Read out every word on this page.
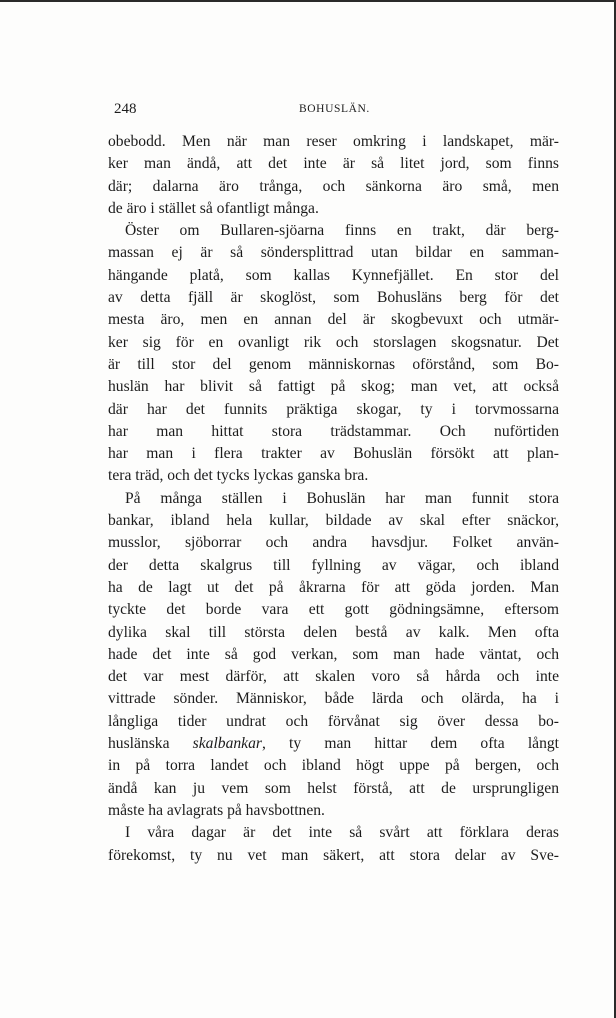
248	BOHUSLÄN.
obebodd. Men när man reser omkring i landskapet, mär-
ker man ändå, att det inte är så litet jord, som finns
där; dalarna äro trånga, och sänkorna äro små, men
de äro i stället så ofantligt många.
Öster om Bullaren-sjöarna finns en trakt, där berg-
massan ej är så söndersplittrad utan bildar en samman-
hängande platå, som kallas Kynnefjället. En stor del
av detta fjäll är skoglöst, som Bohusläns berg för det
mesta äro, men en annan del är skogbevuxt och utmär-
ker sig för en ovanligt rik och storslagen skogsnatur. Det
är till stor del genom människornas oförstånd, som Bo-
huslän har blivit så fattigt på skog; man vet, att också
där har det funnits präktiga skogar, ty i torvmossarna
har man hittat stora trädstammar. Och nuförtiden
har man i flera trakter av Bohuslän försökt att plan-
tera träd, och det tycks lyckas ganska bra.
På många ställen i Bohuslän har man funnit stora
bankar, ibland hela kullar, bildade av skal efter snäckor,
musslor, sjöborrar och andra havsdjur. Folket använ-
der detta skalgrus till fyllning av vägar, och ibland
ha de lagt ut det på åkrarna för att göda jorden. Man
tyckte det borde vara ett gott gödningsämne, eftersom
dylika skal till största delen bestå av kalk. Men ofta
hade det inte så god verkan, som man hade väntat, och
det var mest därför, att skalen voro så hårda och inte
vittrade sönder. Människor, både lärda och olärda, ha i
långliga tider undrat och förvånat sig över dessa bo-
huslänska skalbankar, ty man hittar dem ofta långt
in på torra landet och ibland högt uppe på bergen, och
ändå kan ju vem som helst förstå, att de ursprungligen
måste ha avlagrats på havsbottnen.
I våra dagar är det inte så svårt att förklara deras
förekomst, ty nu vet man säkert, att stora delar av Sve-
